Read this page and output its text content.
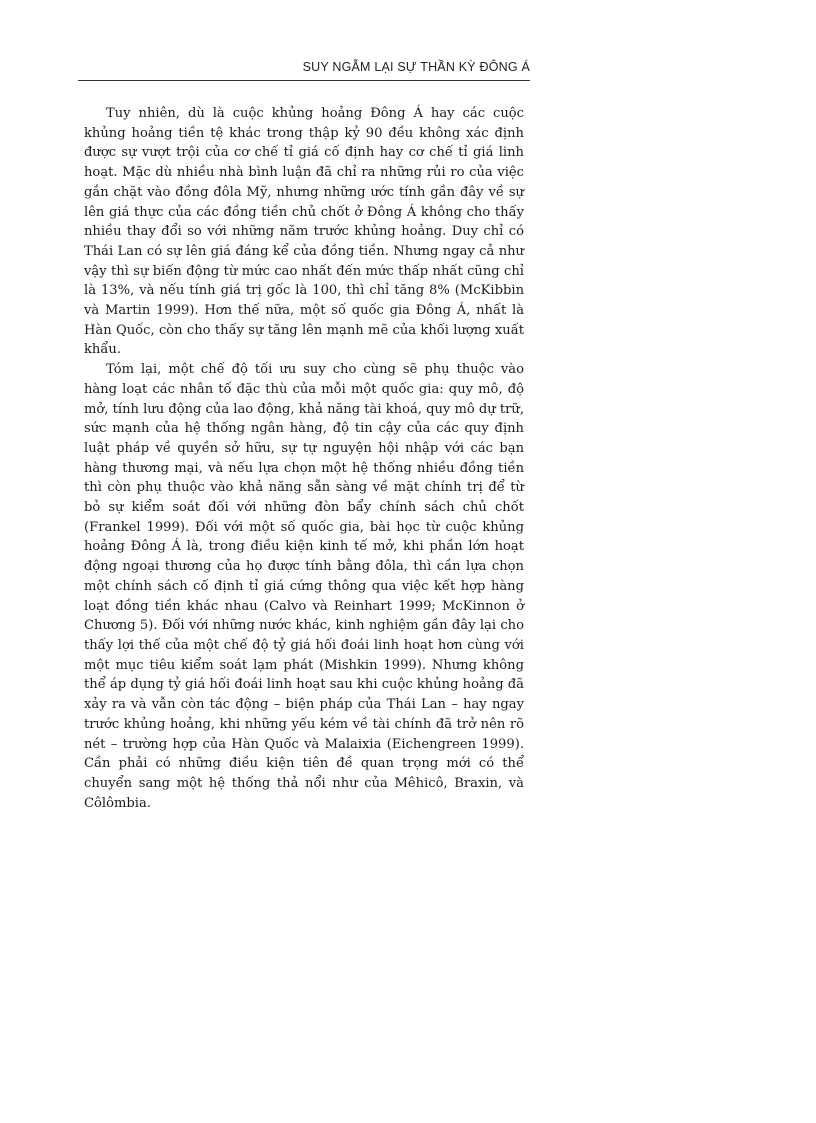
SUY NGẪM LẠI SỰ THẦN KỲ ĐÔNG Á

Tuy nhiên, dù là cuộc khủng hoảng Đông Á hay các cuộc khủng hoảng tiền tệ khác trong thập kỷ 90 đều không xác định được sự vượt trội của cơ chế tỉ giá cố định hay cơ chế tỉ giá linh hoạt. Mặc dù nhiều nhà bình luận đã chỉ ra những rủi ro của việc gắn chặt vào đồng đôla Mỹ, nhưng những ước tính gần đây về sự lên giá thực của các đồng tiền chủ chốt ở Đông Á không cho thấy nhiều thay đổi so với những năm trước khủng hoảng. Duy chỉ có Thái Lan có sự lên giá đáng kể của đồng tiền. Nhưng ngay cả như vậy thì sự biến động từ mức cao nhất đến mức thấp nhất cũng chỉ là 13%, và nếu tính giá trị gốc là 100, thì chỉ tăng 8% (McKibbin và Martin 1999). Hơn thế nữa, một số quốc gia Đông Á, nhất là Hàn Quốc, còn cho thấy sự tăng lên mạnh mẽ của khối lượng xuất khẩu.

Tóm lại, một chế độ tối ưu suy cho cùng sẽ phụ thuộc vào hàng loạt các nhân tố đặc thù của mỗi một quốc gia: quy mô, độ mở, tính lưu động của lao động, khả năng tài khoá, quy mô dự trữ, sức mạnh của hệ thống ngân hàng, độ tin cậy của các quy định luật pháp về quyền sở hữu, sự tự nguyện hội nhập với các bạn hàng thương mại, và nếu lựa chọn một hệ thống nhiều đồng tiền thì còn phụ thuộc vào khả năng sẵn sàng về mặt chính trị để từ bỏ sự kiểm soát đối với những đòn bẩy chính sách chủ chốt (Frankel 1999). Đối với một số quốc gia, bài học từ cuộc khủng hoảng Đông Á là, trong điều kiện kinh tế mở, khi phần lớn hoạt động ngoại thương của họ được tính bằng đôla, thì cần lựa chọn một chính sách cố định tỉ giá cứng thông qua việc kết hợp hàng loạt đồng tiền khác nhau (Calvo và Reinhart 1999; McKinnon ở Chương 5). Đối với những nước khác, kinh nghiệm gần đây lại cho thấy lợi thế của một chế độ tỷ giá hối đoái linh hoạt hơn cùng với một mục tiêu kiểm soát lạm phát (Mishkin 1999). Nhưng không thể áp dụng tỷ giá hối đoái linh hoạt sau khi cuộc khủng hoảng đã xảy ra và vẫn còn tác động – biện pháp của Thái Lan – hay ngay trước khủng hoảng, khi những yếu kém về tài chính đã trở nên rõ nét – trường hợp của Hàn Quốc và Malaixia (Eichengreen 1999). Cần phải có những điều kiện tiên đề quan trọng mới có thể chuyển sang một hệ thống thả nổi như của Mêhicô, Braxin, và Côlômbia.
